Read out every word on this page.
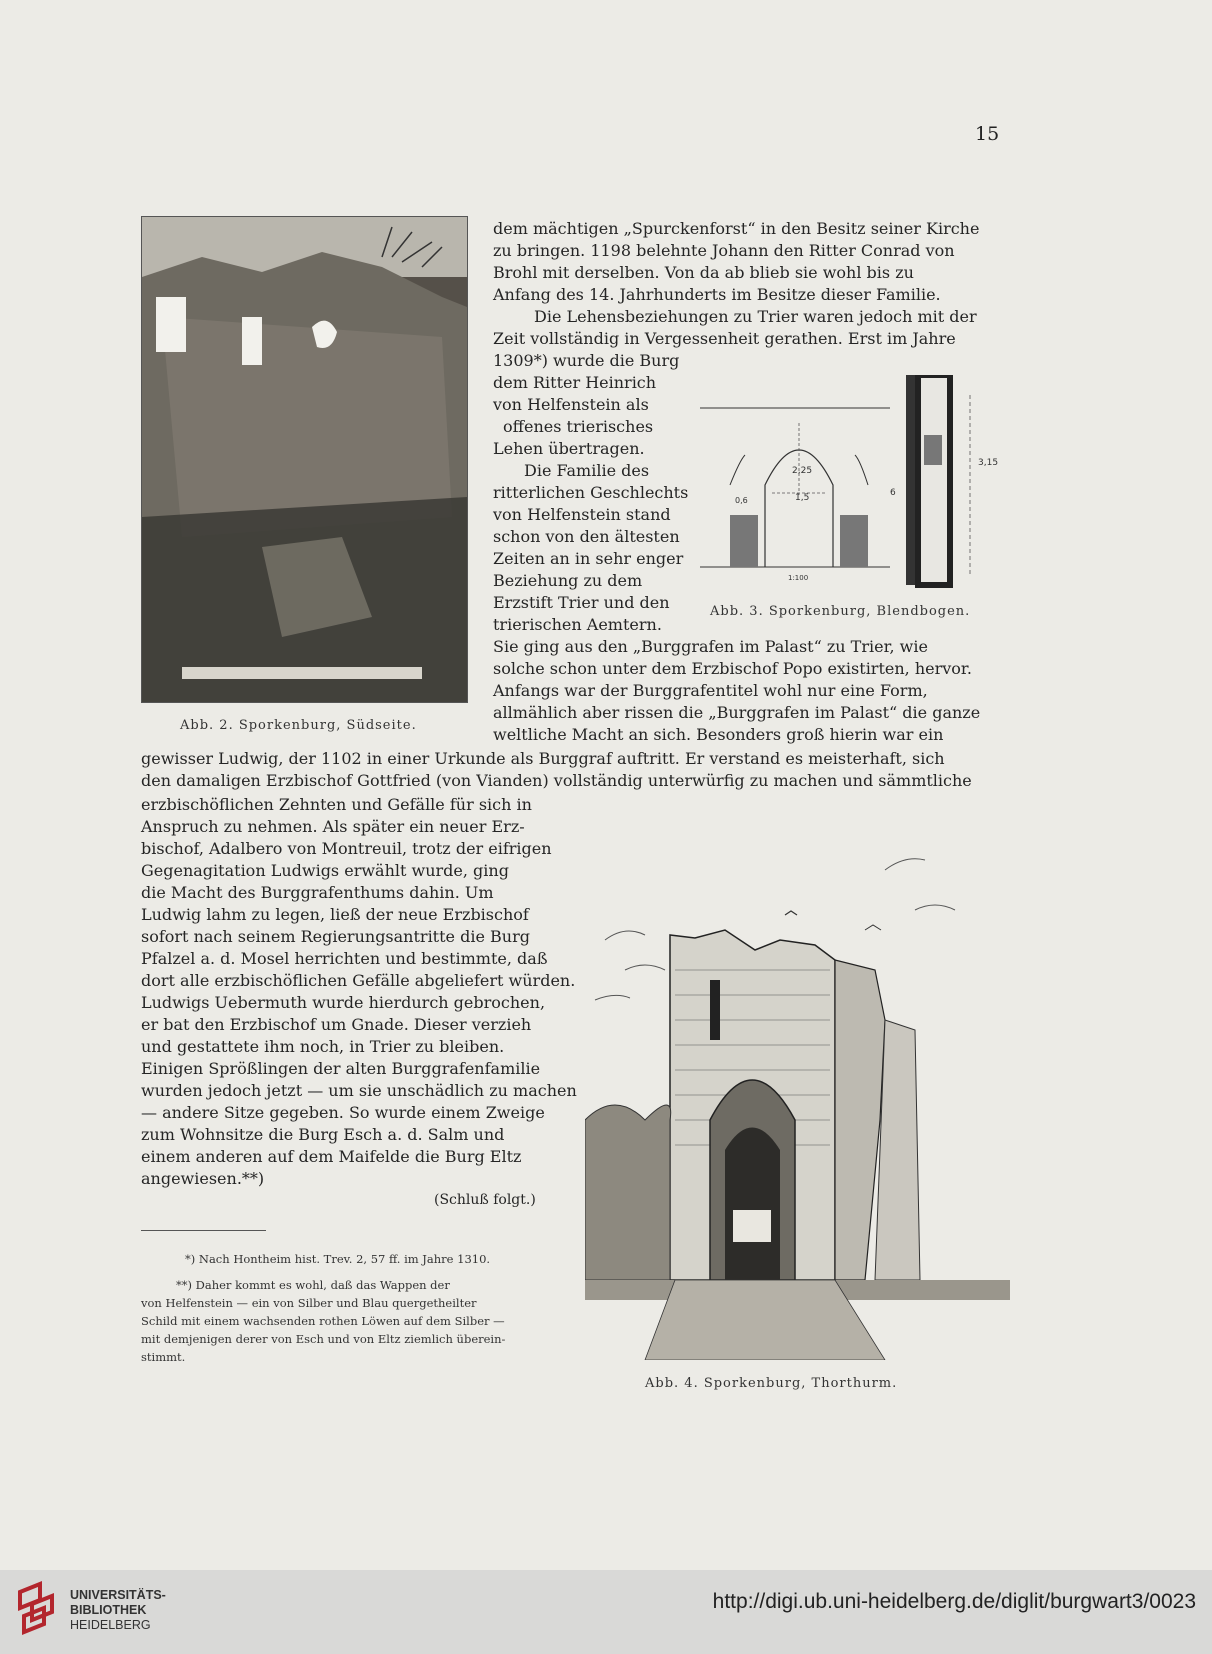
15
Abb. 2. Sporkenburg, Südseite.
dem mächtigen „Spurckenforst“ in den Besitz seiner Kirche
zu bringen. 1198 belehnte Johann den Ritter Conrad von
Brohl mit derselben. Von da ab blieb sie wohl bis zu
Anfang des 14. Jahrhunderts im Besitze dieser Familie.
Die Lehensbeziehungen zu Trier waren jedoch mit der
Zeit vollständig in Vergessenheit gerathen. Erst im Jahre
1309*) wurde die Burg
dem Ritter Heinrich
von Helfenstein als
offenes trierisches
Lehen übertragen.
Die Familie des
ritterlichen Geschlechts
von Helfenstein stand
schon von den ältesten
Zeiten an in sehr enger
Beziehung zu dem
Erzstift Trier und den
trierischen Aemtern.
2,25
1,5
0,6
6
3,15
1:100
Abb. 3. Sporkenburg, Blendbogen.
Sie ging aus den „Burggrafen im Palast“ zu Trier, wie
solche schon unter dem Erzbischof Popo existirten, hervor.
Anfangs war der Burggrafentitel wohl nur eine Form,
allmählich aber rissen die „Burggrafen im Palast“ die ganze
weltliche Macht an sich. Besonders groß hierin war ein
gewisser Ludwig, der 1102 in einer Urkunde als Burggraf auftritt. Er verstand es meisterhaft, sich
den damaligen Erzbischof Gottfried (von Vianden) vollständig unterwürfig zu machen und sämmtliche
erzbischöflichen Zehnten und Gefälle für sich in
Anspruch zu nehmen. Als später ein neuer Erz-
bischof, Adalbero von Montreuil, trotz der eifrigen
Gegenagitation Ludwigs erwählt wurde, ging
die Macht des Burggrafenthums dahin. Um
Ludwig lahm zu legen, ließ der neue Erzbischof
sofort nach seinem Regierungsantritte die Burg
Pfalzel a. d. Mosel herrichten und bestimmte, daß
dort alle erzbischöflichen Gefälle abgeliefert würden.
Ludwigs Uebermuth wurde hierdurch gebrochen,
er bat den Erzbischof um Gnade. Dieser verzieh
und gestattete ihm noch, in Trier zu bleiben.
Einigen Sprößlingen der alten Burggrafenfamilie
wurden jedoch jetzt — um sie unschädlich zu machen
— andere Sitze gegeben. So wurde einem Zweige
zum Wohnsitze die Burg Esch a. d. Salm und
einem anderen auf dem Maifelde die Burg Eltz
angewiesen.**)
(Schluß folgt.)
*) Nach Hontheim hist. Trev. 2, 57 ff. im Jahre 1310.
**) Daher kommt es wohl, daß das Wappen der
von Helfenstein — ein von Silber und Blau quergetheilter
Schild mit einem wachsenden rothen Löwen auf dem Silber —
mit demjenigen derer von Esch und von Eltz ziemlich überein-
stimmt.
Abb. 4. Sporkenburg, Thorthurm.
UNIVERSITÄTS-
BIBLIOTHEK
HEIDELBERG
http://digi.ub.uni-heidelberg.de/diglit/burgwart3/0023
